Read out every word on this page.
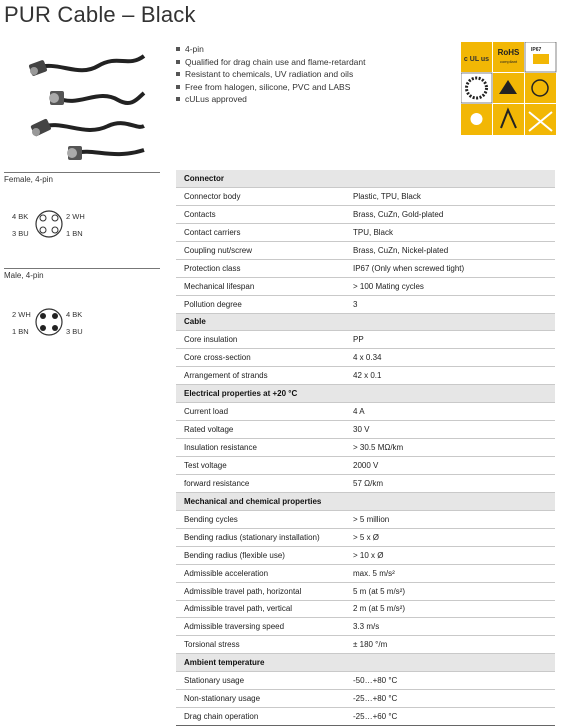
PUR Cable – Black
4-pin
Qualified for drag chain use and flame-retardant
Resistant to chemicals, UV radiation and oils
Free from halogen, silicone, PVC and LABS
cULus approved
c UL us
RoHS
compliant
IP67
Female, 4-pin
4 BK	2 WH
3 BU	1 BN
Male, 4-pin
2 WH	4 BK
1 BN	3 BU
Connector	
Connector body	Plastic, TPU, Black
Contacts	Brass, CuZn, Gold-plated
Contact carriers	TPU, Black
Coupling nut/screw	Brass, CuZn, Nickel-plated
Protection class	IP67 (Only when screwed tight)
Mechanical lifespan	> 100 Mating cycles
Pollution degree	3
Cable	
Core insulation	PP
Core cross-section	4 x 0.34
Arrangement of strands	42 x 0.1
Electrical properties at +20 °C	
Current load	4 A
Rated voltage	30 V
Insulation resistance	> 30.5 MΩ/km
Test voltage	2000 V
forward resistance	57 Ω/km
Mechanical and chemical properties	
Bending cycles	> 5 million
Bending radius (stationary installation)	> 5 x Ø
Bending radius (flexible use)	> 10 x Ø
Admissible acceleration	max. 5 m/s²
Admissible travel path, horizontal	5 m (at 5 m/s²)
Admissible travel path, vertical	2 m (at 5 m/s²)
Admissible traversing speed	3.3 m/s
Torsional stress	± 180 °/m
Ambient temperature	
Stationary usage	-50…+80 °C
Non-stationary usage	-25…+80 °C
Drag chain operation	-25…+60 °C
